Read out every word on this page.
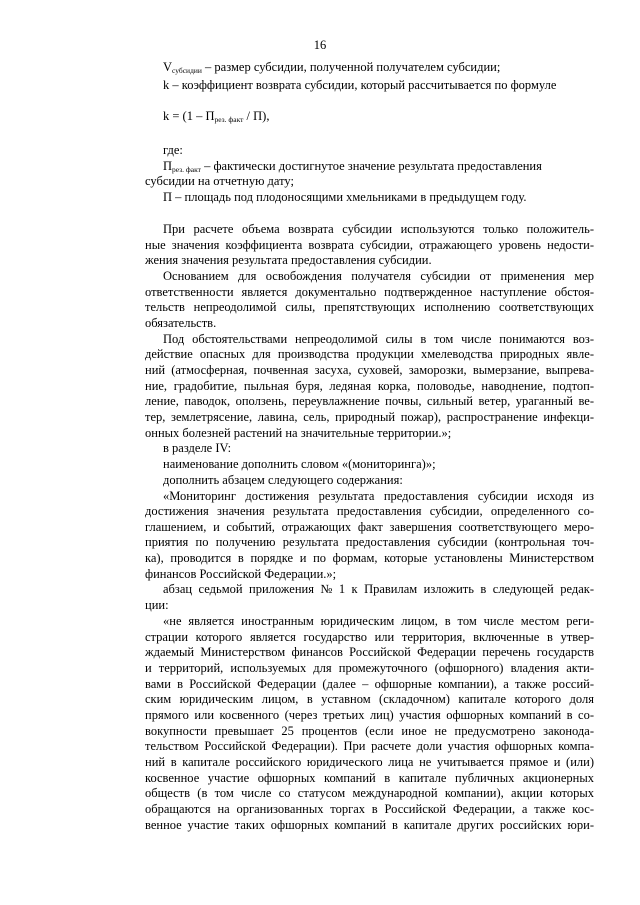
16
$V_{субсидии}$ – размер субсидии, полученной получателем субсидии;
k – коэффициент возврата субсидии, который рассчитывается по формуле
$k = (1 - П_{рез. факт} / П)$,
где:
$П_{рез. факт}$ – фактически достигнутое значение результата предоставления
субсидии на отчетную дату;
П – площадь под плодоносящими хмельниками в предыдущем году.
При расчете объема возврата субсидии используются только положитель-
ные значения коэффициента возврата субсидии, отражающего уровень недости-
жения значения результата предоставления субсидии.
Основанием для освобождения получателя субсидии от применения мер
ответственности является документально подтвержденное наступление обстоя-
тельств непреодолимой силы, препятствующих исполнению соответствующих
обязательств.
Под обстоятельствами непреодолимой силы в том числе понимаются воз-
действие опасных для производства продукции хмелеводства природных явле-
ний (атмосферная, почвенная засуха, суховей, заморозки, вымерзание, выпрева-
ние, градобитие, пыльная буря, ледяная корка, половодье, наводнение, подтоп-
ление, паводок, оползень, переувлажнение почвы, сильный ветер, ураганный ве-
тер, землетрясение, лавина, сель, природный пожар), распространение инфекци-
онных болезней растений на значительные территории.»;
в разделе IV:
наименование дополнить словом «(мониторинга)»;
дополнить абзацем следующего содержания:
«Мониторинг достижения результата предоставления субсидии исходя из
достижения значения результата предоставления субсидии, определенного со-
глашением, и событий, отражающих факт завершения соответствующего меро-
приятия по получению результата предоставления субсидии (контрольная точ-
ка), проводится в порядке и по формам, которые установлены Министерством
финансов Российской Федерации.»;
абзац седьмой приложения № 1 к Правилам изложить в следующей редак-
ции:
«не является иностранным юридическим лицом, в том числе местом реги-
страции которого является государство или территория, включенные в утвер-
ждаемый Министерством финансов Российской Федерации перечень государств
и территорий, используемых для промежуточного (офшорного) владения акти-
вами в Российской Федерации (далее – офшорные компании), а также россий-
ским юридическим лицом, в уставном (складочном) капитале которого доля
прямого или косвенного (через третьих лиц) участия офшорных компаний в со-
вокупности превышает 25 процентов (если иное не предусмотрено законода-
тельством Российской Федерации). При расчете доли участия офшорных компа-
ний в капитале российского юридического лица не учитывается прямое и (или)
косвенное участие офшорных компаний в капитале публичных акционерных
обществ (в том числе со статусом международной компании), акции которых
обращаются на организованных торгах в Российской Федерации, а также кос-
венное участие таких офшорных компаний в капитале других российских юри-
